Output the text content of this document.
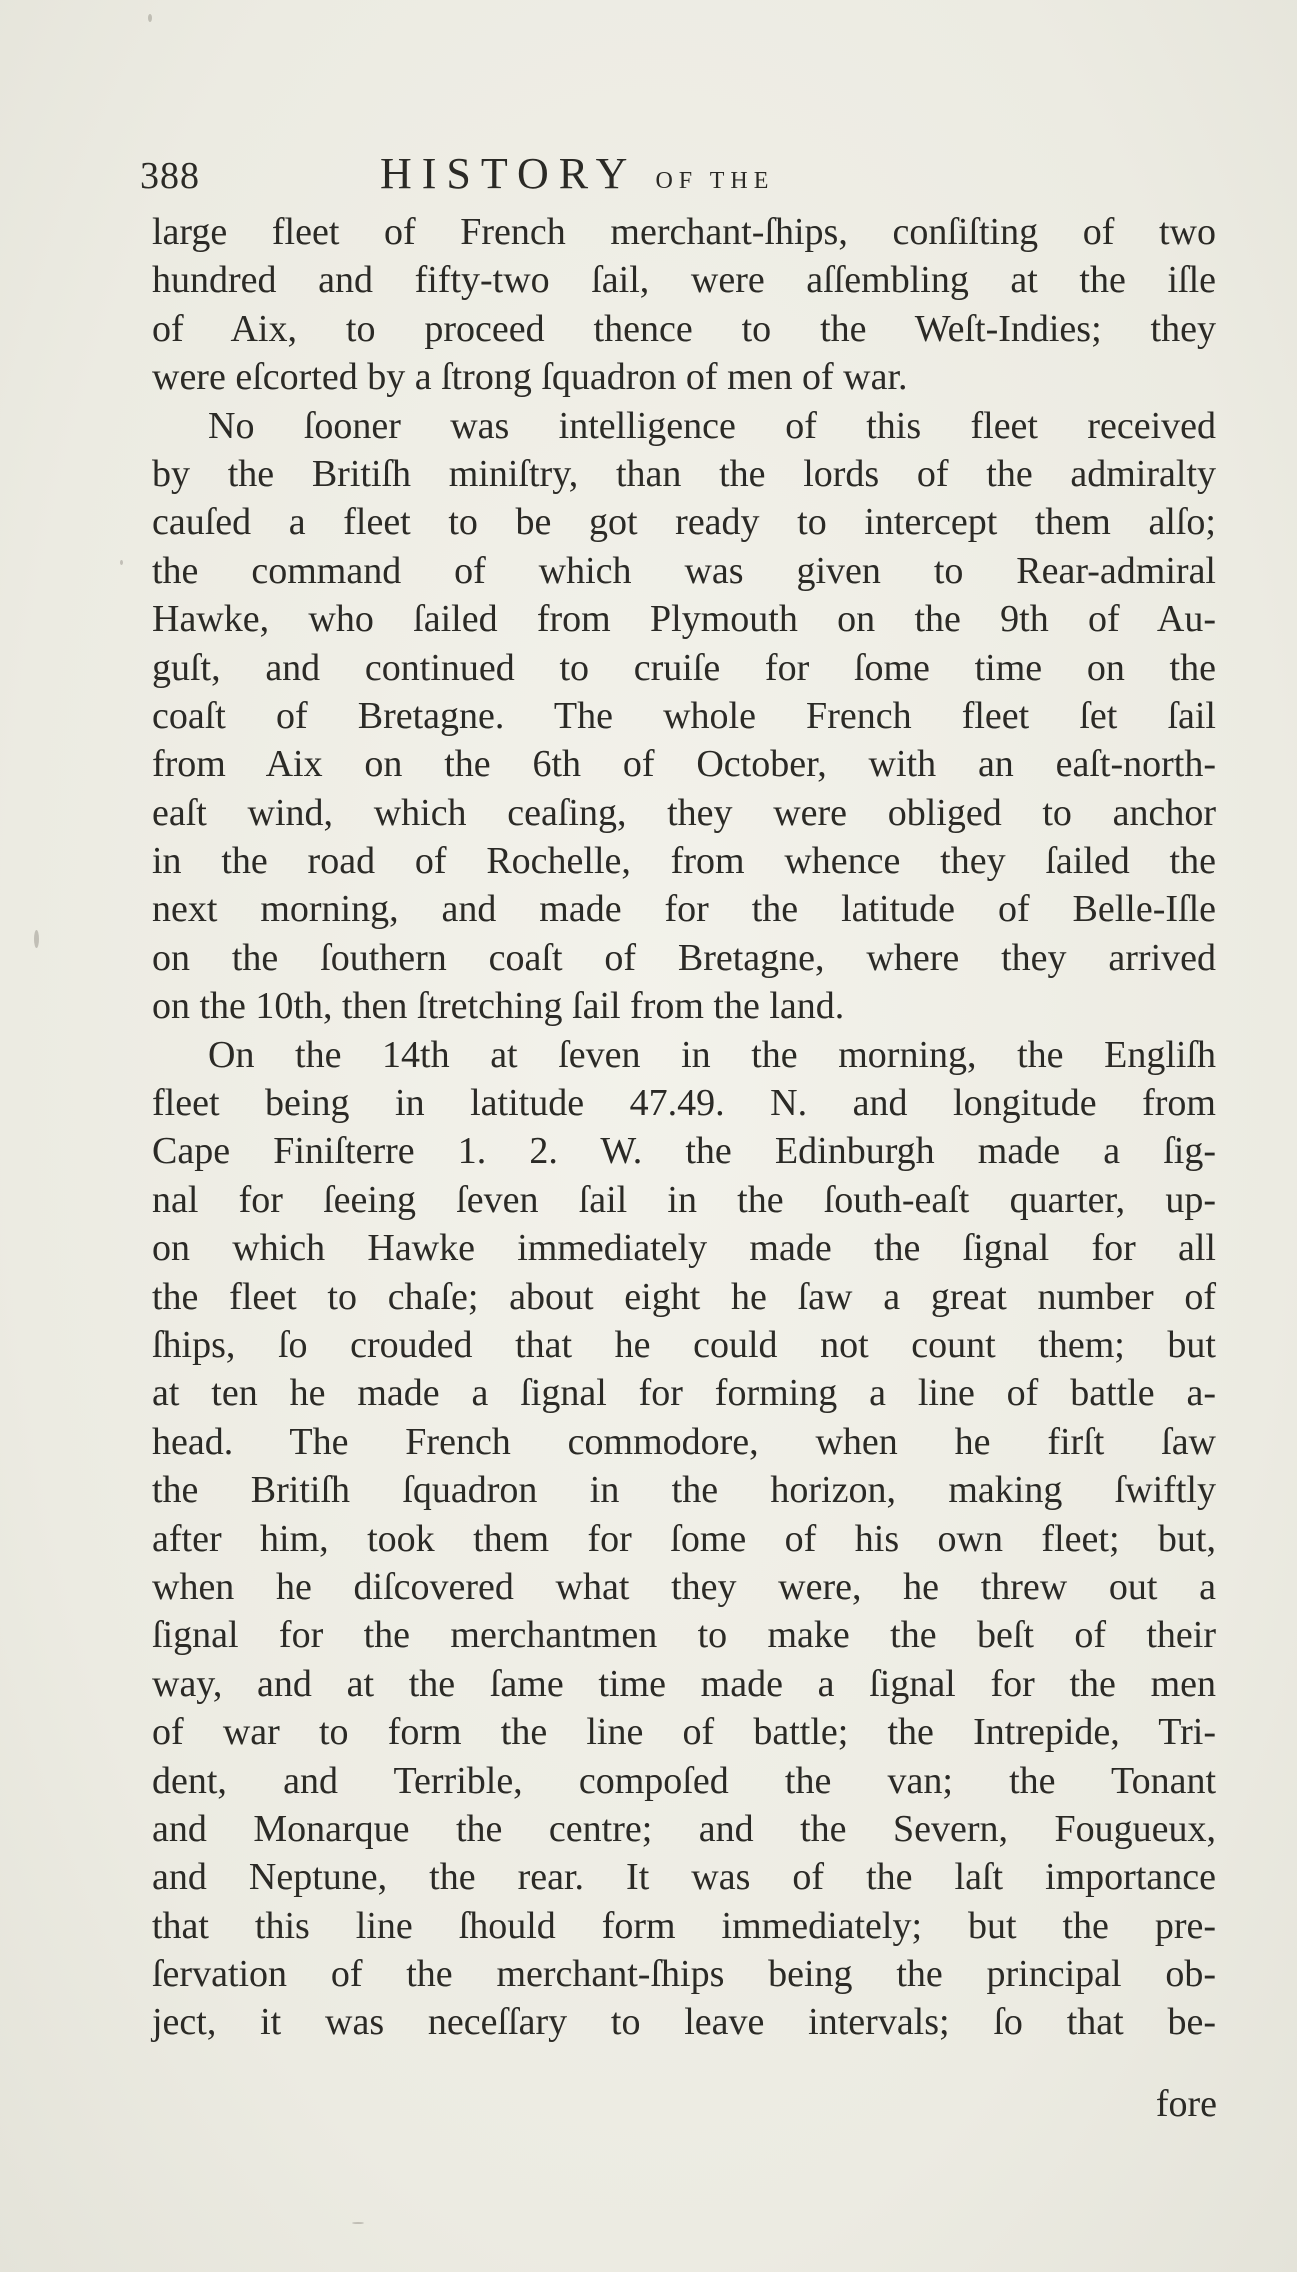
388	HISTORY OF THE
large fleet of French merchant-ſhips, conſiſting of two
hundred and fifty-two ſail, were aſſembling at the iſle
of Aix, to proceed thence to the Weſt-Indies; they
were eſcorted by a ſtrong ſquadron of men of war.
No ſooner was intelligence of this fleet received
by the Britiſh miniſtry, than the lords of the admiralty
cauſed a fleet to be got ready to intercept them alſo;
the command of which was given to Rear-admiral
Hawke, who ſailed from Plymouth on the 9th of Au-
guſt, and continued to cruiſe for ſome time on the
coaſt of Bretagne. The whole French fleet ſet ſail
from Aix on the 6th of October, with an eaſt-north-
eaſt wind, which ceaſing, they were obliged to anchor
in the road of Rochelle, from whence they ſailed the
next morning, and made for the latitude of Belle-Iſle
on the ſouthern coaſt of Bretagne, where they arrived
on the 10th, then ſtretching ſail from the land.
On the 14th at ſeven in the morning, the Engliſh
fleet being in latitude 47.49. N. and longitude from
Cape Finiſterre 1. 2. W. the Edinburgh made a ſig-
nal for ſeeing ſeven ſail in the ſouth-eaſt quarter, up-
on which Hawke immediately made the ſignal for all
the fleet to chaſe; about eight he ſaw a great number of
ſhips, ſo crouded that he could not count them; but
at ten he made a ſignal for forming a line of battle a-
head. The French commodore, when he firſt ſaw
the Britiſh ſquadron in the horizon, making ſwiftly
after him, took them for ſome of his own fleet; but,
when he diſcovered what they were, he threw out a
ſignal for the merchantmen to make the beſt of their
way, and at the ſame time made a ſignal for the men
of war to form the line of battle; the Intrepide, Tri-
dent, and Terrible, compoſed the van; the Tonant
and Monarque the centre; and the Severn, Fougueux,
and Neptune, the rear. It was of the laſt importance
that this line ſhould form immediately; but the pre-
ſervation of the merchant-ſhips being the principal ob-
ject, it was neceſſary to leave intervals; ſo that be-
fore
